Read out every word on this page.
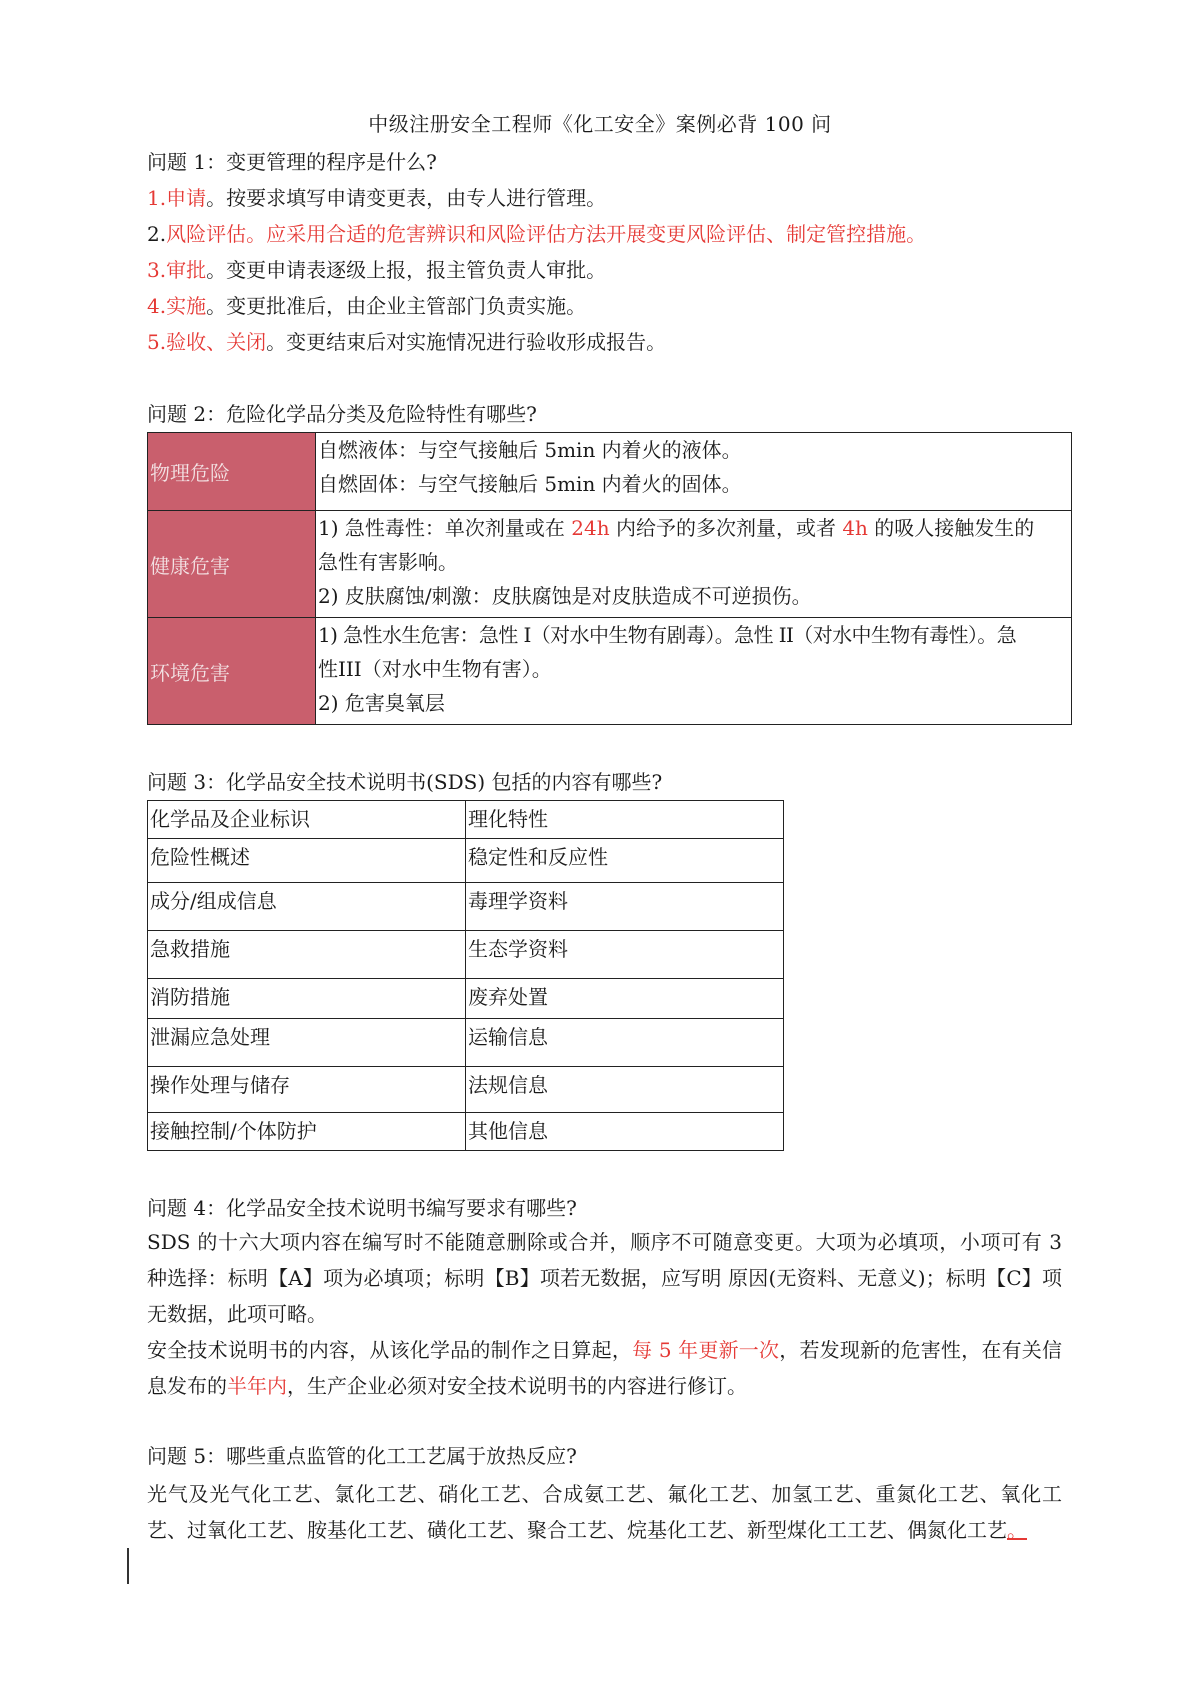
中级注册安全工程师《化工安全》案例必背 100 问
问题 1：变更管理的程序是什么?
1.申请。按要求填写申请变更表，由专人进行管理。
2.风险评估。应采用合适的危害辨识和风险评估方法开展变更风险评估、制定管控措施。
3.审批。变更申请表逐级上报，报主管负责人审批。
4.实施。变更批准后，由企业主管部门负责实施。
5.验收、关闭。变更结束后对实施情况进行验收形成报告。
问题 2：危险化学品分类及危险特性有哪些?
物理危险	自燃液体：与空气接触后 5min 内着火的液体。
自燃固体：与空气接触后 5min 内着火的固体。

健康危害	1) 急性毒性：单次剂量或在 24h 内给予的多次剂量，或者 4h 的吸人接触发生的
急性有害影响。
2) 皮肤腐蚀/刺激：皮肤腐蚀是对皮肤造成不可逆损伤。

环境危害	1) 急性水生危害：急性 I（对水中生物有剧毒）。急性 II（对水中生物有毒性）。急
性III（对水中生物有害）。
2) 危害臭氧层
问题 3：化学品安全技术说明书(SDS) 包括的内容有哪些?
化学品及企业标识	理化特性
危险性概述	稳定性和反应性
成分/组成信息	毒理学资料
急救措施	生态学资料
消防措施	废弃处置
泄漏应急处理	运输信息
操作处理与储存	法规信息
接触控制/个体防护	其他信息
问题 4：化学品安全技术说明书编写要求有哪些?
SDS 的十六大项内容在编写时不能随意删除或合并，顺序不可随意变更。大项为必填项，小项可有 3 种选择：标明【A】项为必填项；标明【B】项若无数据，应写明 原因(无资料、无意义)；标明【C】项无数据，此项可略。
安全技术说明书的内容，从该化学品的制作之日算起，每 5 年更新一次，若发现新的危害性，在有关信息发布的半年内，生产企业必须对安全技术说明书的内容进行修订。
问题 5：哪些重点监管的化工工艺属于放热反应?
光气及光气化工艺、氯化工艺、硝化工艺、合成氨工艺、氟化工艺、加氢工艺、重氮化工艺、氧化工艺、过氧化工艺、胺基化工艺、磺化工艺、聚合工艺、烷基化工艺、新型煤化工工艺、偶氮化工艺。
